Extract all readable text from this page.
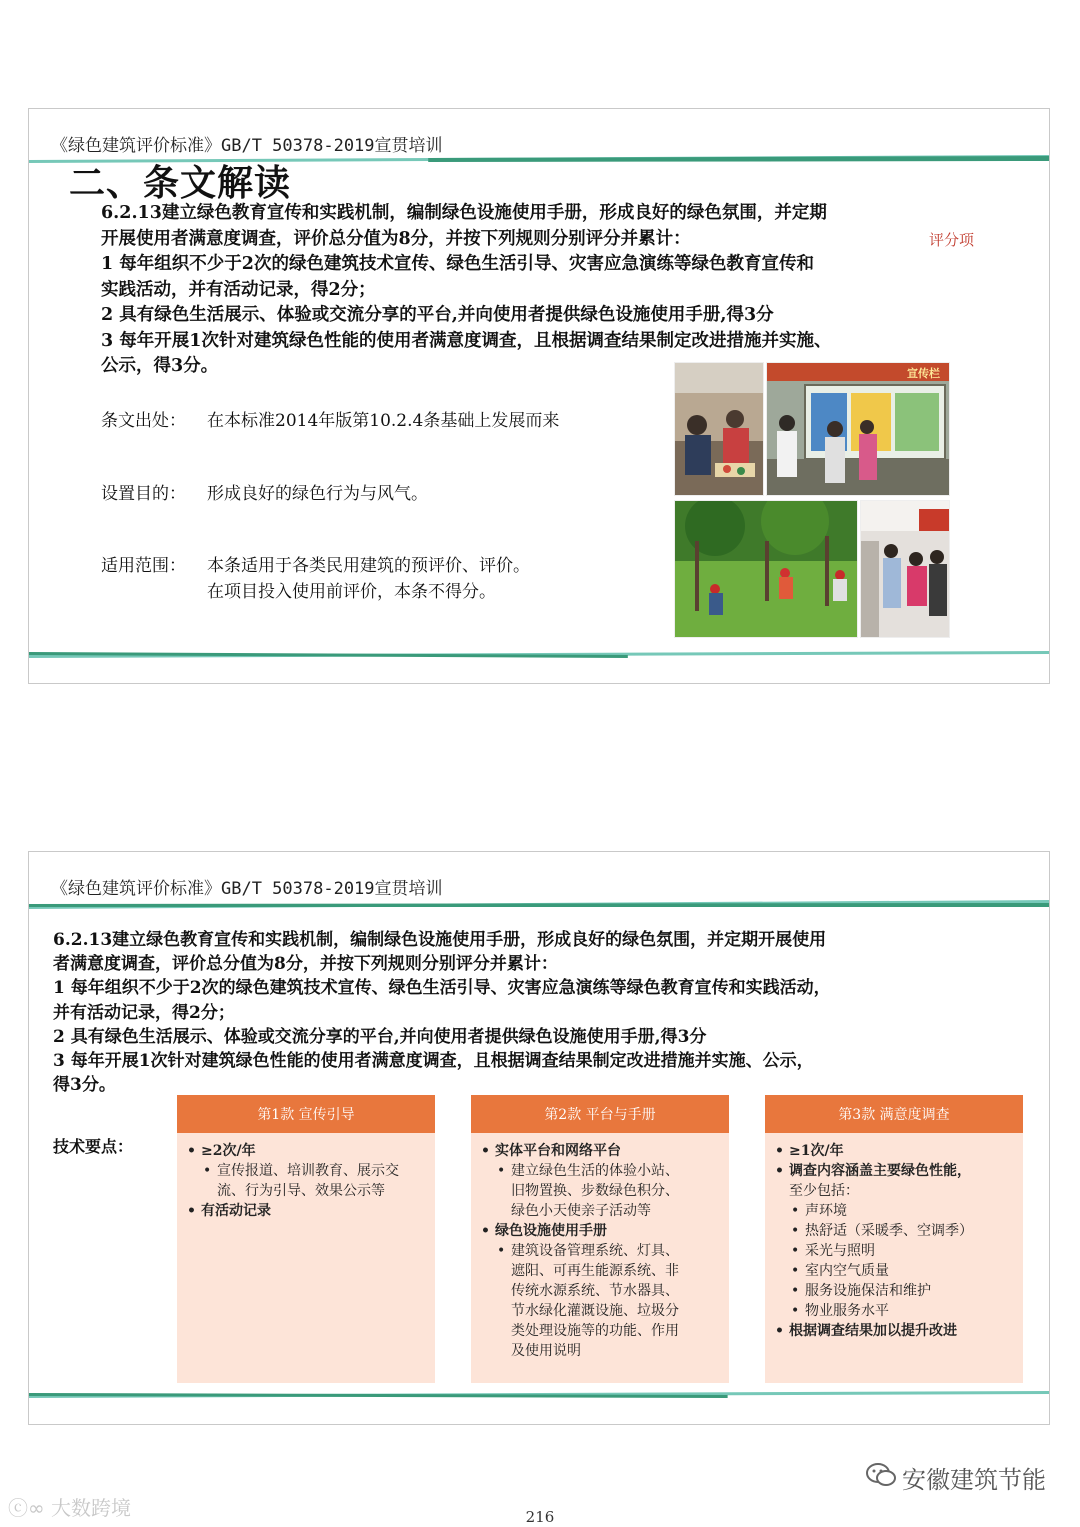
《绿色建筑评价标准》GB/T 50378-2019宣贯培训
二、条文解读
6.2.13建立绿色教育宣传和实践机制，编制绿色设施使用手册，形成良好的绿色氛围，并定期
开展使用者满意度调查，评价总分值为8分，并按下列规则分别评分并累计：
1 每年组织不少于2次的绿色建筑技术宣传、绿色生活引导、灾害应急演练等绿色教育宣传和
实践活动，并有活动记录，得2分；
2 具有绿色生活展示、体验或交流分享的平台,并向使用者提供绿色设施使用手册,得3分
3 每年开展1次针对建筑绿色性能的使用者满意度调查，且根据调查结果制定改进措施并实施、
公示，得3分。
评分项
条文出处： 在本标准2014年版第10.2.4条基础上发展而来
设置目的： 形成良好的绿色行为与风气。
适用范围： 本条适用于各类民用建筑的预评价、评价。
在项目投入使用前评价，本条不得分。
宣传栏
《绿色建筑评价标准》GB/T 50378-2019宣贯培训
6.2.13建立绿色教育宣传和实践机制，编制绿色设施使用手册，形成良好的绿色氛围，并定期开展使用
者满意度调查，评价总分值为8分，并按下列规则分别评分并累计：
1 每年组织不少于2次的绿色建筑技术宣传、绿色生活引导、灾害应急演练等绿色教育宣传和实践活动，
并有活动记录，得2分；
2 具有绿色生活展示、体验或交流分享的平台,并向使用者提供绿色设施使用手册,得3分
3 每年开展1次针对建筑绿色性能的使用者满意度调查，且根据调查结果制定改进措施并实施、公示，
得3分。
技术要点：
第1款 宣传引导
• ≥2次/年
• 宣传报道、培训教育、展示交
流、行为引导、效果公示等
• 有活动记录
第2款 平台与手册
• 实体平台和网络平台
• 建立绿色生活的体验小站、
旧物置换、步数绿色积分、
绿色小天使亲子活动等
• 绿色设施使用手册
• 建筑设备管理系统、灯具、
遮阳、可再生能源系统、非
传统水源系统、节水器具、
节水绿化灌溉设施、垃圾分
类处理设施等的功能、作用
及使用说明
第3款 满意度调查
• ≥1次/年
• 调查内容涵盖主要绿色性能，
至少包括：
• 声环境
• 热舒适（采暖季、空调季）
• 采光与照明
• 室内空气质量
• 服务设施保洁和维护
• 物业服务水平
• 根据调查结果加以提升改进
ⓒ∞ 大数跨境
安徽建筑节能
216
